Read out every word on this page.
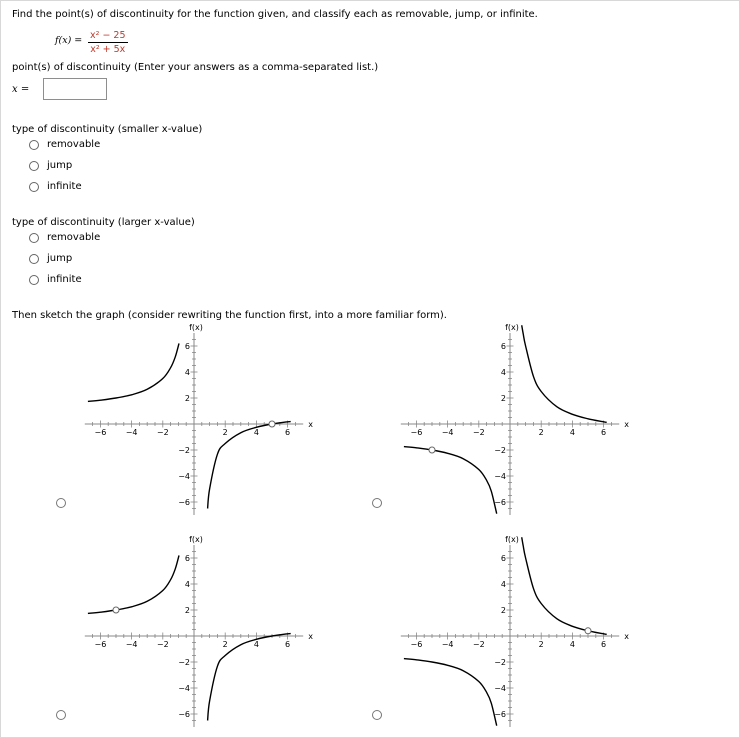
Find the point(s) of discontinuity for the function given, and classify each as removable, jump, or infinite.
$f(x) = \frac{\text{x² − 25}}{\text{x² + 5x}}$
point(s) of discontinuity (Enter your answers as a comma-separated list.)
x =
type of discontinuity (smaller x-value)
removable
jump
infinite
type of discontinuity (larger x-value)
removable
jump
infinite
Then sketch the graph (consider rewriting the function first, into a more familiar form).
−6 −4 −2	2	4	6
6
4
2
−2
−4
−6
f(x)
x
−6 −4 −2	2	4	6
6
4
2
−2
−4
−6
f(x)
x
−6 −4 −2	2	4	6
6
4
2
−2
−4
−6
f(x)
x
−6 −4 −2	2	4	6
6
4
2
−2
−4
−6
f(x)
x
